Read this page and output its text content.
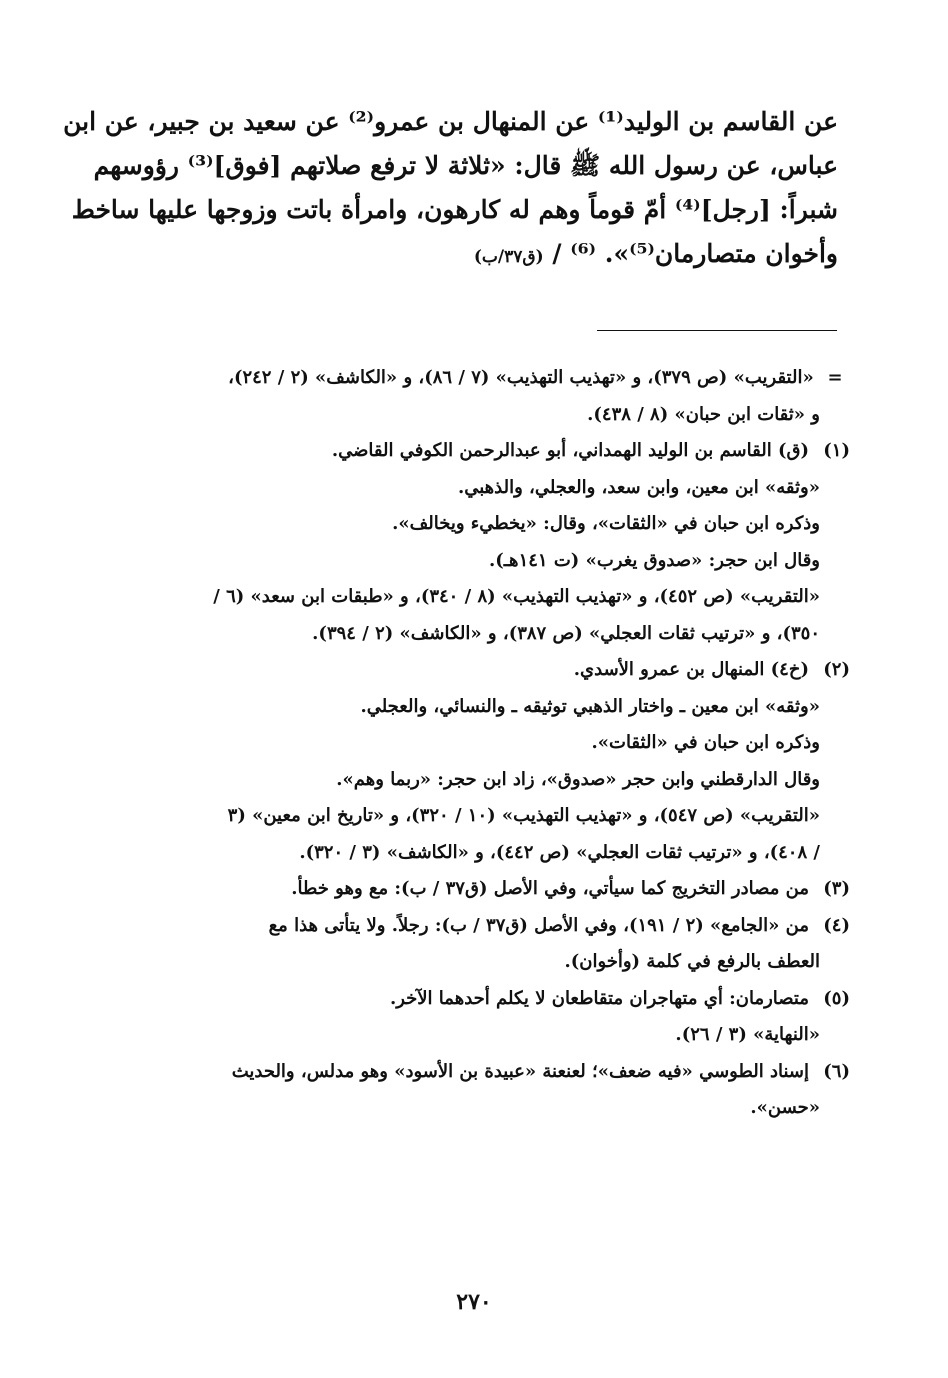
عن القاسم بن الوليد⁽¹⁾ عن المنهال بن عمرو⁽²⁾ عن سعيد بن جبير، عن ابن
عباس، عن رسول الله ﷺ قال: «ثلاثة لا ترفع صلاتهم [فوق]⁽³⁾ رؤوسهم
شبراً: [رجل]⁽⁴⁾ أمّ قوماً وهم له كارهون، وامرأة باتت وزوجها عليها ساخط
وأخوان متصارمان⁽⁵⁾». ⁽⁶⁾ / (ق٣٧/ب)
= «التقريب» (ص ٣٧٩)، و «تهذيب التهذيب» (٧ / ٨٦)، و «الكاشف» (٢ / ٢٤٢)،
و «ثقات ابن حبان» (٨ / ٤٣٨).
(١) (ق) القاسم بن الوليد الهمداني، أبو عبدالرحمن الكوفي القاضي.
«وثقه» ابن معين، وابن سعد، والعجلي، والذهبي.
وذكره ابن حبان في «الثقات»، وقال: «يخطيء ويخالف».
وقال ابن حجر: «صدوق يغرب» (ت ١٤١هـ).
«التقريب» (ص ٤٥٢)، و «تهذيب التهذيب» (٨ / ٣٤٠)، و «طبقات ابن سعد» (٦ /
٣٥٠)، و «ترتيب ثقات العجلي» (ص ٣٨٧)، و «الكاشف» (٢ / ٣٩٤).
(٢) (خ٤) المنهال بن عمرو الأسدي.
«وثقه» ابن معين ـ واختار الذهبي توثيقه ـ والنسائي، والعجلي.
وذكره ابن حبان في «الثقات».
وقال الدارقطني وابن حجر «صدوق»، زاد ابن حجر: «ربما وهم».
«التقريب» (ص ٥٤٧)، و «تهذيب التهذيب» (١٠ / ٣٢٠)، و «تاريخ ابن معين» (٣
/ ٤٠٨)، و «ترتيب ثقات العجلي» (ص ٤٤٢)، و «الكاشف» (٣ / ٣٢٠).
(٣) من مصادر التخريج كما سيأتي، وفي الأصل (ق٣٧ / ب): مع وهو خطأ.
(٤) من «الجامع» (٢ / ١٩١)، وفي الأصل (ق٣٧ / ب): رجلاً. ولا يتأتى هذا مع
العطف بالرفع في كلمة (وأخوان).
(٥) متصارمان: أي متهاجران متقاطعان لا يكلم أحدهما الآخر.
«النهاية» (٣ / ٢٦).
(٦) إسناد الطوسي «فيه ضعف»؛ لعنعنة «عبيدة بن الأسود» وهو مدلس، والحديث
«حسن».
٢٧٠
